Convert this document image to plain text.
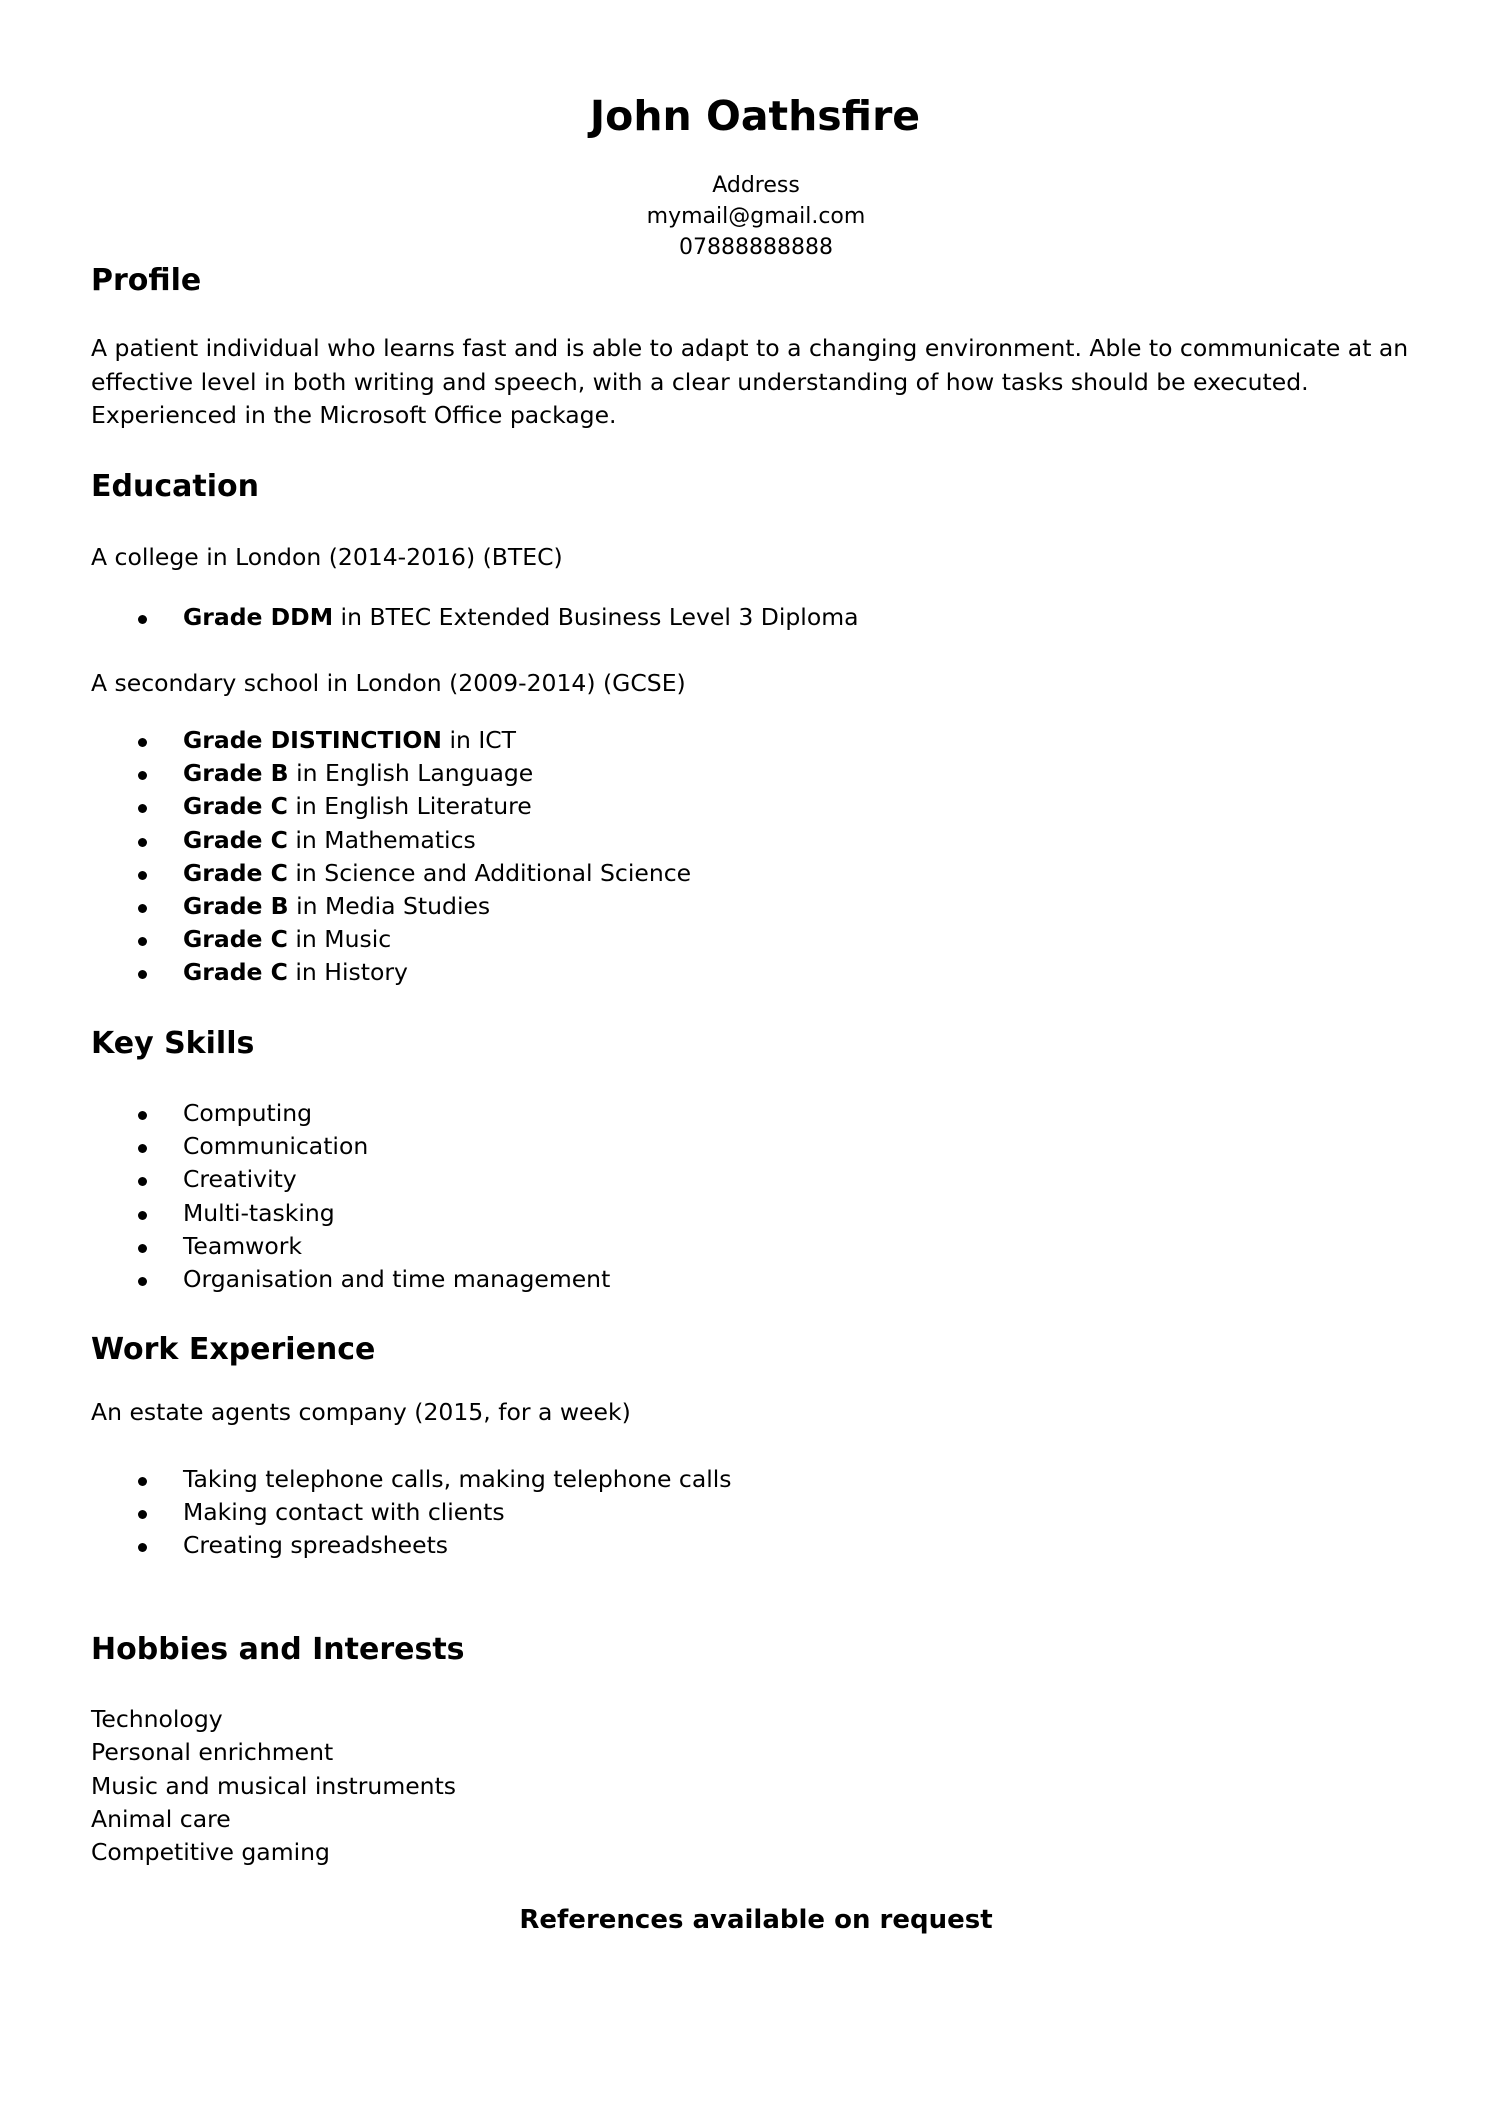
John Oathsfire
Address
mymail@gmail.com
07888888888
Profile
A patient individual who learns fast and is able to adapt to a changing environment. Able to communicate at an effective level in both writing and speech, with a clear understanding of how tasks should be executed. Experienced in the Microsoft Office package.
Education
A college in London (2014-2016) (BTEC)
Grade DDM in BTEC Extended Business Level 3 Diploma
A secondary school in London (2009-2014) (GCSE)
Grade DISTINCTION in ICT
Grade B in English Language
Grade C in English Literature
Grade C in Mathematics
Grade C in Science and Additional Science
Grade B in Media Studies
Grade C in Music
Grade C in History
Key Skills
Computing
Communication
Creativity
Multi-tasking
Teamwork
Organisation and time management
Work Experience
An estate agents company (2015, for a week)
Taking telephone calls, making telephone calls
Making contact with clients
Creating spreadsheets
Hobbies and Interests
Technology
Personal enrichment
Music and musical instruments
Animal care
Competitive gaming
References available on request
